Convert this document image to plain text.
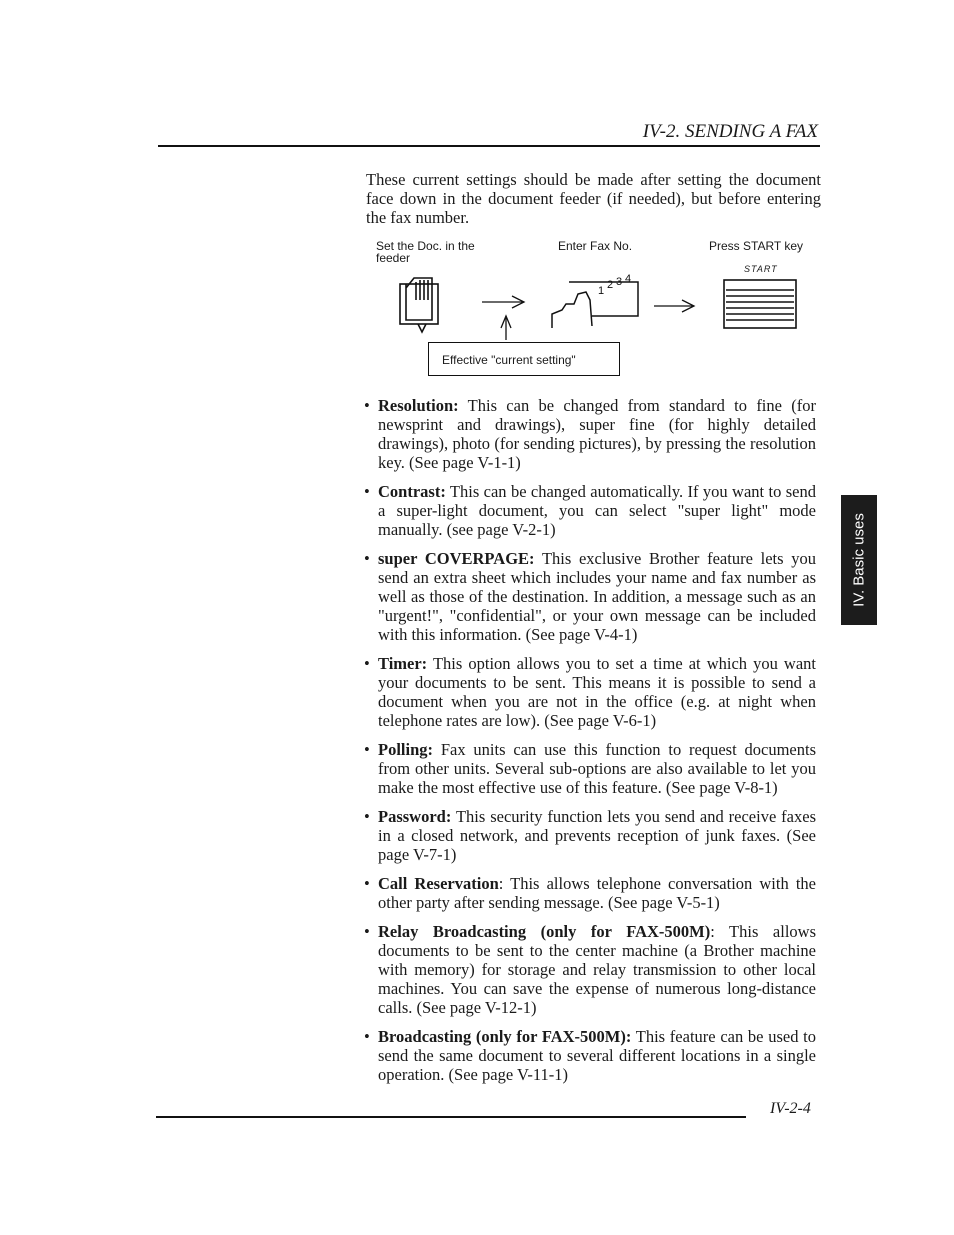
IV-2. SENDING A FAX
These current settings should be made after setting the document face down in the document feeder (if needed), but before entering the fax number.
Set the Doc. in the feeder
Enter Fax No.	Press START key
START
1 2 3 4
Effective "current setting"
• Resolution: This can be changed from standard to fine (for newsprint and drawings), super fine (for highly detailed drawings), photo (for sending pictures), by pressing the resolution key. (See page V-1-1)
• Contrast: This can be changed automatically. If you want to send a super-light document, you can select "super light" mode manually. (see page V-2-1)
• super COVERPAGE: This exclusive Brother feature lets you send an extra sheet which includes your name and fax number as well as those of the destination. In addition, a message such as an "urgent!", "confidential", or your own message can be included with this information. (See page V-4-1)
• Timer: This option allows you to set a time at which you want your documents to be sent. This means it is possible to send a document when you are not in the office (e.g. at night when telephone rates are low). (See page V-6-1)
• Polling: Fax units can use this function to request documents from other units. Several sub-options are also available to let you make the most effective use of this feature. (See page V-8-1)
• Password: This security function lets you send and receive faxes in a closed network, and prevents reception of junk faxes. (See page V-7-1)
• Call Reservation: This allows telephone conversation with the other party after sending message. (See page V-5-1)
• Relay Broadcasting (only for FAX-500M): This allows documents to be sent to the center machine (a Brother machine with memory) for storage and relay transmission to other local machines. You can save the expense of numerous long-distance calls. (See page V-12-1)
• Broadcasting (only for FAX-500M): This feature can be used to send the same document to several different locations in a single operation. (See page V-11-1)
IV. Basic uses
IV-2-4
